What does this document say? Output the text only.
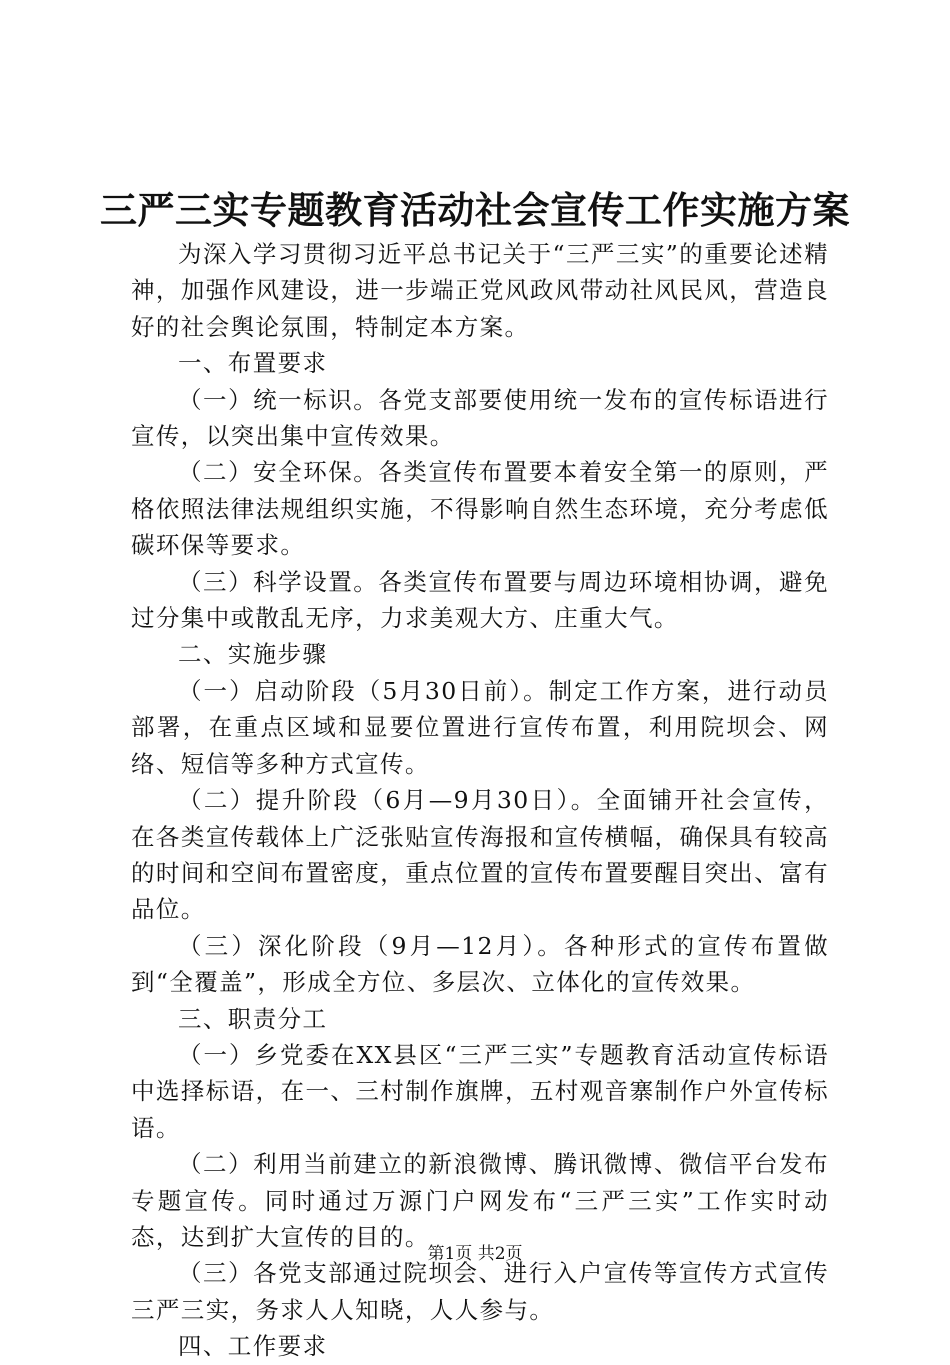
三严三实专题教育活动社会宣传工作实施方案

为深入学习贯彻习近平总书记关于“三严三实”的重要论述精神，加强作风建设，进一步端正党风政风带动社风民风，营造良好的社会舆论氛围，特制定本方案。

一、布置要求

（一）统一标识。各党支部要使用统一发布的宣传标语进行宣传，以突出集中宣传效果。

（二）安全环保。各类宣传布置要本着安全第一的原则，严格依照法律法规组织实施，不得影响自然生态环境，充分考虑低碳环保等要求。

（三）科学设置。各类宣传布置要与周边环境相协调，避免过分集中或散乱无序，力求美观大方、庄重大气。

二、实施步骤

（一）启动阶段（5月30日前）。制定工作方案，进行动员部署，在重点区域和显要位置进行宣传布置，利用院坝会、网络、短信等多种方式宣传。

（二）提升阶段（6月—9月30日）。全面铺开社会宣传，在各类宣传载体上广泛张贴宣传海报和宣传横幅，确保具有较高的时间和空间布置密度，重点位置的宣传布置要醒目突出、富有品位。

（三）深化阶段（9月—12月）。各种形式的宣传布置做到“全覆盖”，形成全方位、多层次、立体化的宣传效果。

三、职责分工

（一）乡党委在XX县区“三严三实”专题教育活动宣传标语中选择标语，在一、三村制作旗牌，五村观音寨制作户外宣传标语。

（二）利用当前建立的新浪微博、腾讯微博、微信平台发布专题宣传。同时通过万源门户网发布“三严三实”工作实时动态，达到扩大宣传的目的。

（三）各党支部通过院坝会、进行入户宣传等宣传方式宣传三严三实，务求人人知晓，人人参与。

四、工作要求

第1页 共2页
